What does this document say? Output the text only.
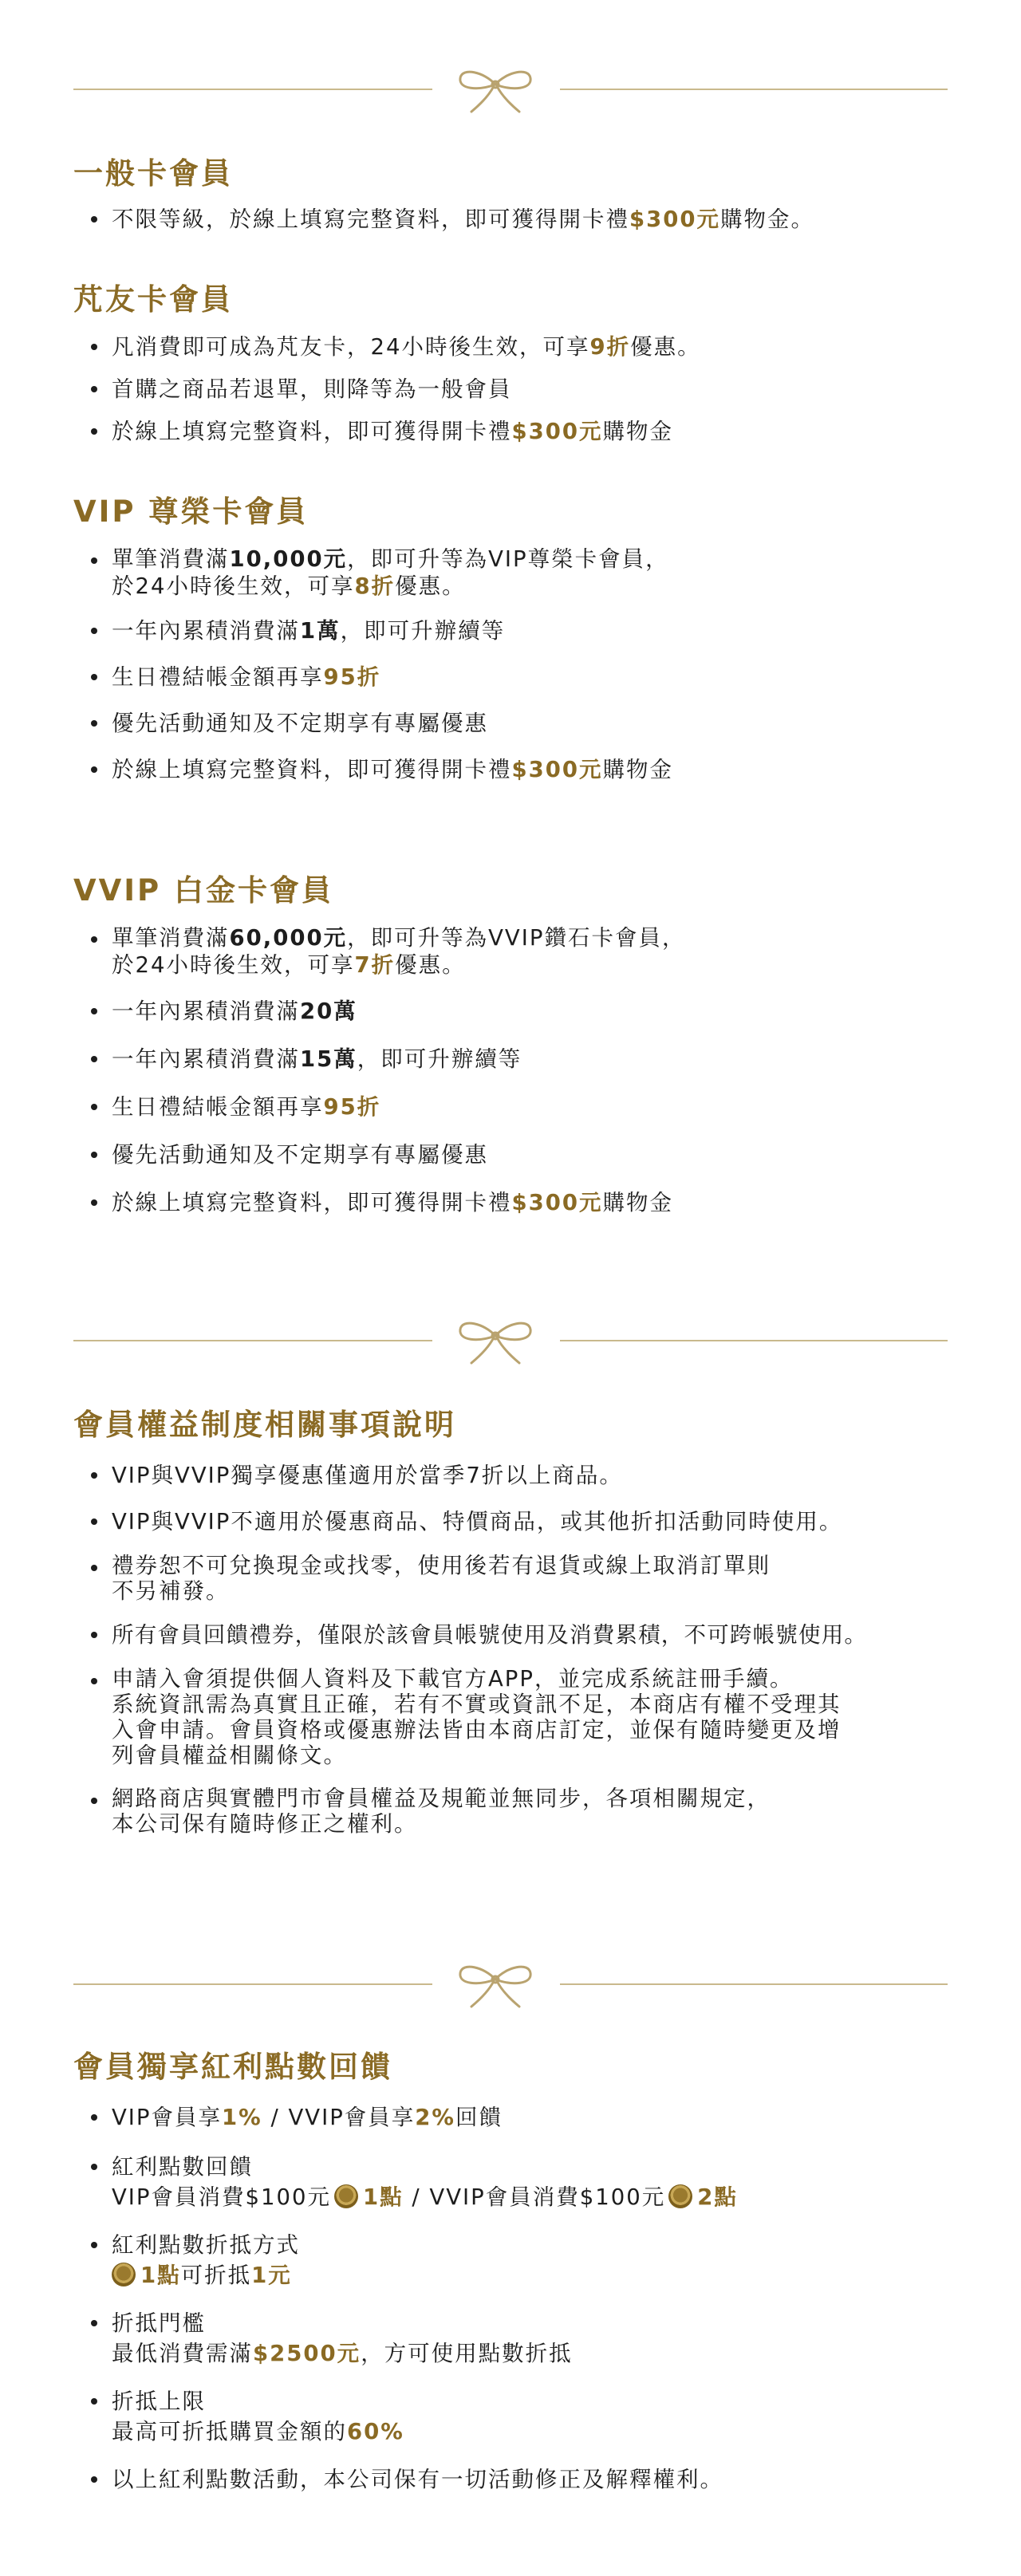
一般卡會員
不限等級，於線上填寫完整資料，即可獲得開卡禮$300元購物金。
芃友卡會員
凡消費即可成為芃友卡，24小時後生效，可享9折優惠。
首購之商品若退單，則降等為一般會員
於線上填寫完整資料，即可獲得開卡禮$300元購物金
VIP 尊榮卡會員
單筆消費滿10,000元，即可升等為VIP尊榮卡會員，
於24小時後生效，可享8折優惠。
一年內累積消費滿1萬，即可升辦續等
生日禮結帳金額再享95折
優先活動通知及不定期享有專屬優惠
於線上填寫完整資料，即可獲得開卡禮$300元購物金
VVIP 白金卡會員
單筆消費滿60,000元，即可升等為VVIP鑽石卡會員，
於24小時後生效，可享7折優惠。
一年內累積消費滿20萬
一年內累積消費滿15萬，即可升辦續等
生日禮結帳金額再享95折
優先活動通知及不定期享有專屬優惠
於線上填寫完整資料，即可獲得開卡禮$300元購物金
會員權益制度相關事項說明
VIP與VVIP獨享優惠僅適用於當季7折以上商品。
VIP與VVIP不適用於優惠商品、特價商品，或其他折扣活動同時使用。
禮券恕不可兌換現金或找零，使用後若有退貨或線上取消訂單則
不另補發。
所有會員回饋禮券，僅限於該會員帳號使用及消費累積，不可跨帳號使用。
申請入會須提供個人資料及下載官方APP，並完成系統註冊手續。
系統資訊需為真實且正確，若有不實或資訊不足，本商店有權不受理其
入會申請。會員資格或優惠辦法皆由本商店訂定，並保有隨時變更及增
列會員權益相關條文。
網路商店與實體門市會員權益及規範並無同步，各項相關規定，
本公司保有隨時修正之權利。
會員獨享紅利點數回饋
VIP會員享1% / VVIP會員享2%回饋
紅利點數回饋
VIP會員消費$100元 1點 / VVIP會員消費$100元 2點
紅利點數折抵方式
1點可折抵1元
折抵門檻
最低消費需滿$2500元，方可使用點數折抵
折抵上限
最高可折抵購買金額的60%
以上紅利點數活動，本公司保有一切活動修正及解釋權利。
